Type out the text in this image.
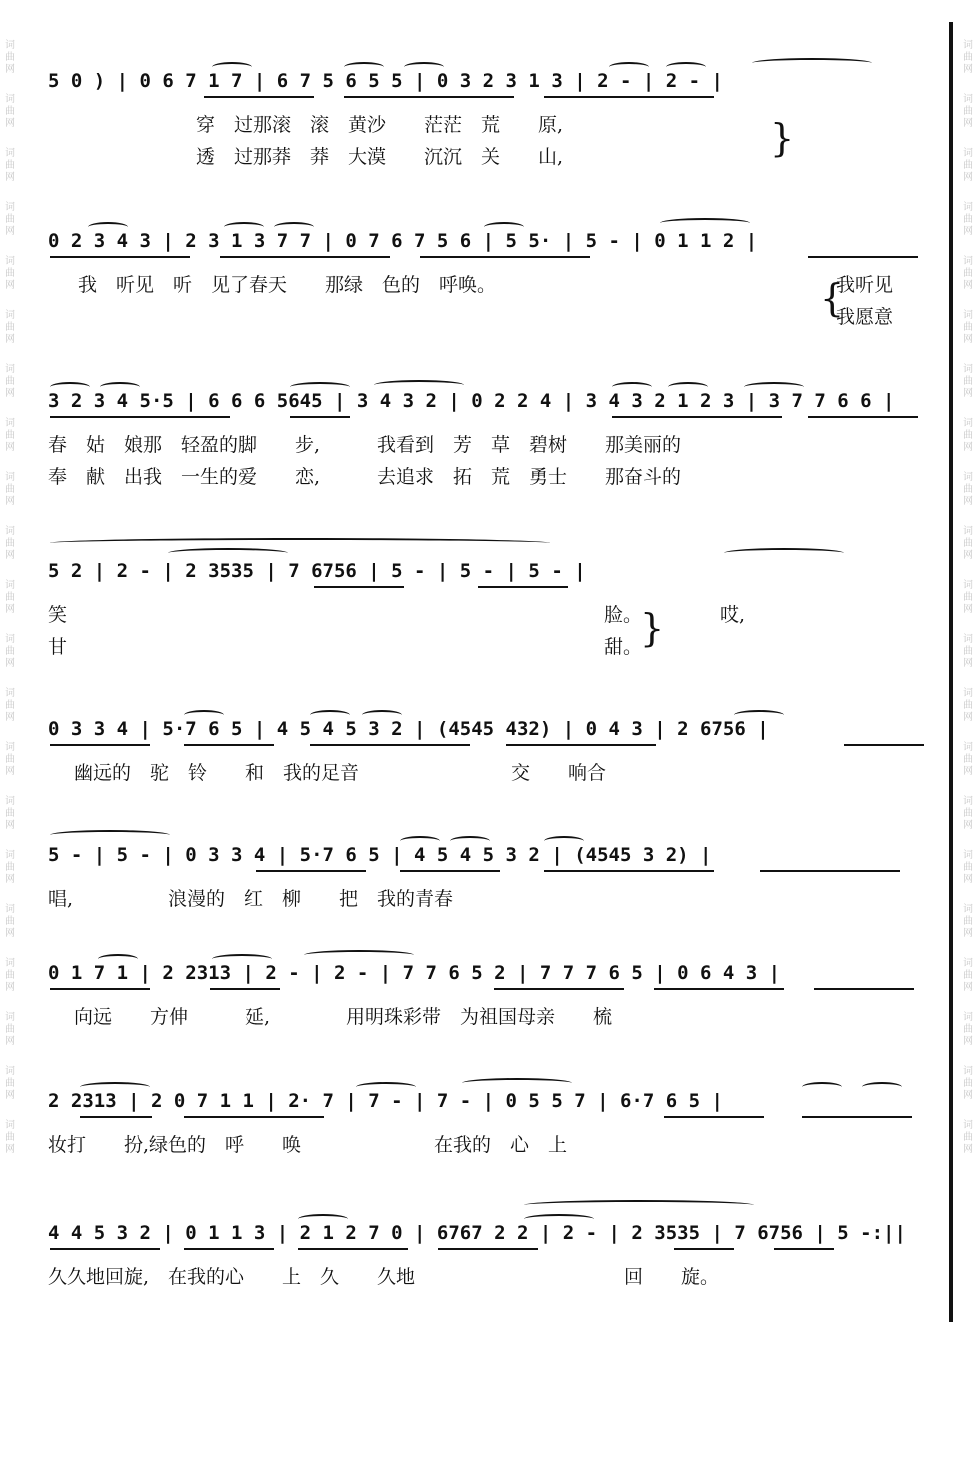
词曲网
词曲网
词曲网
词曲网
词曲网
词曲网
词曲网
词曲网
词曲网
词曲网
词曲网
词曲网
词曲网
词曲网
词曲网
词曲网
词曲网
词曲网
词曲网
词曲网
词曲网
词曲网
词曲网
词曲网
词曲网
词曲网
词曲网
词曲网
词曲网
词曲网
词曲网
词曲网
词曲网
词曲网
词曲网
词曲网
词曲网
词曲网
词曲网
词曲网
词曲网
词曲网

5 0 ) | 0 6 7 1 7 | 6 7 5 6 5 5 | 0 3 2 3 1 3 | 2 - | 2 - |

穿　过那滚　滚　黄沙　　茫茫　荒　　原,

透　过那莽　莽　大漠　　沉沉　关　　山,

	}

0 2 3 4 3 | 2 3 1 3 7 7 | 0 7 6 7 5 6 | 5 5· | 5 - | 0 1 1 2 |

我　听见　听　见了春天　　那绿　色的　呼唤。

	我听见

我愿意

{

3 2 3 4 5·5 | 6 6 6 5645 | 3 4 3 2 | 0 2 2 4 | 3 4 3 2 1 2 3 | 3 7 7 6 6 |

春　姑　娘那　轻盈的脚　　步,　　　我看到　芳　草　碧树　　那美丽的

奉　献　出我　一生的爱　　恋,　　　去追求　拓　荒　勇士　　那奋斗的

5 2 | 2 - | 2 3535 | 7 6756 | 5 - | 5 - | 5 - |

笑

	脸。

	哎,

甘

	甜。

}

0 3 3 4 | 5·7 6 5 | 4 5 4 5 3 2 | (4545 432) | 0 4 3 | 2 6756 |

幽远的　驼　铃　　和　我的足音　　　　　　　　交　　响合

5 - | 5 - | 0 3 3 4 | 5·7 6 5 | 4 5 4 5 3 2 | (4545 3 2) |

唱,　　　　　浪漫的　红　柳　　把　我的青春

0 1 7 1 | 2 2313 | 2 - | 2 - | 7 7 6 5 2 | 7 7 7 6 5 | 0 6 4 3 |

向远　　方伸　　　延,　　　　用明珠彩带　为祖国母亲　　梳

2 2313 | 2 0 7 1 1 | 2· 7 | 7 - | 7 - | 0 5 5 7 | 6·7 6 5 |

妆打　　扮,绿色的　呼　　唤　　　　　　　在我的　心　上

4 4 5 3 2 | 0 1 1 3 | 2 1 2 7 0 | 6767 2 2 | 2 - | 2 3535 | 7 6756 | 5 -:||

久久地回旋,　在我的心　　上　久　　久地　　　　　　　　　　　回　　旋。
